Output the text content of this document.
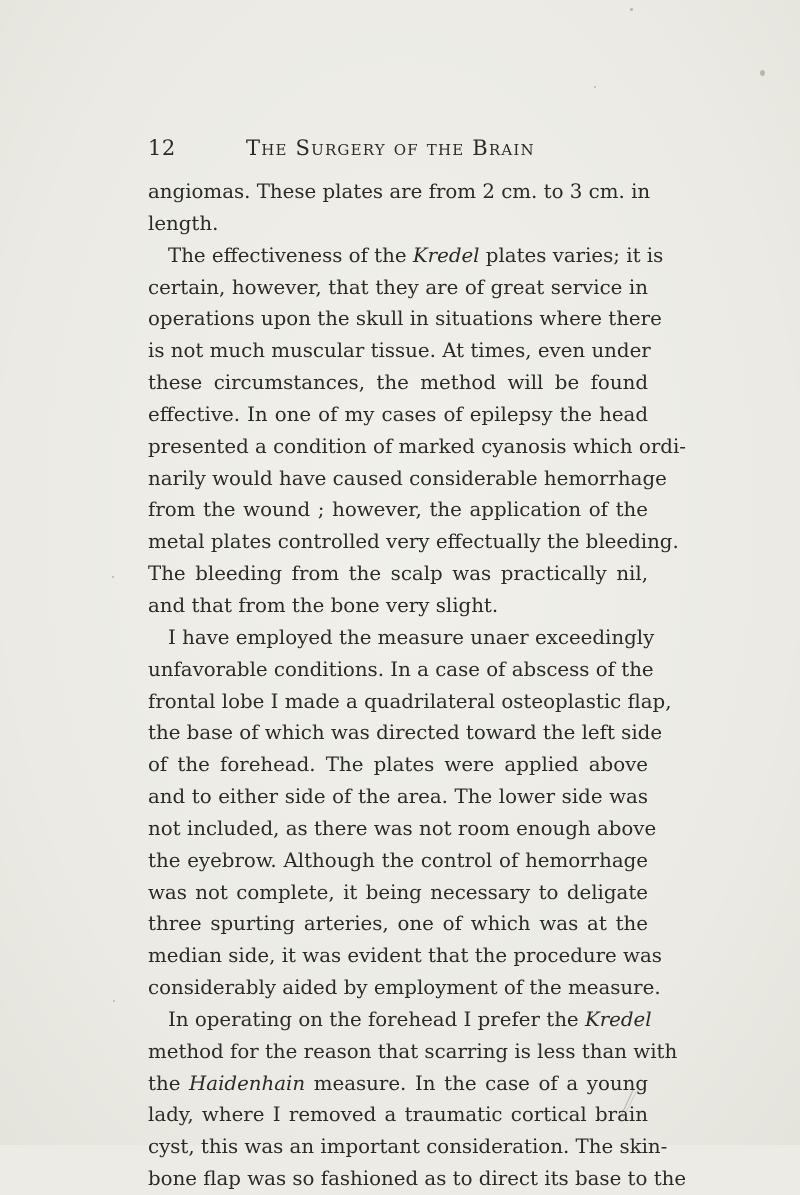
12	The Surgery of the Brain
angiomas. These plates are from 2 cm. to 3 cm. in
length.
The effectiveness of the Kredel plates varies; it is
certain, however, that they are of great service in
operations upon the skull in situations where there
is not much muscular tissue. At times, even under
these circumstances, the method will be found
effective. In one of my cases of epilepsy the head
presented a condition of marked cyanosis which ordi-
narily would have caused considerable hemorrhage
from the wound ; however, the application of the
metal plates controlled very effectually the bleeding.
The bleeding from the scalp was practically nil,
and that from the bone very slight.
I have employed the measure unaer exceedingly
unfavorable conditions. In a case of abscess of the
frontal lobe I made a quadrilateral osteoplastic flap,
the base of which was directed toward the left side
of the forehead. The plates were applied above
and to either side of the area. The lower side was
not included, as there was not room enough above
the eyebrow. Although the control of hemorrhage
was not complete, it being necessary to deligate
three spurting arteries, one of which was at the
median side, it was evident that the procedure was
considerably aided by employment of the measure.
In operating on the forehead I prefer the Kredel
method for the reason that scarring is less than with
the Haidenhain measure. In the case of a young
lady, where I removed a traumatic cortical brain
cyst, this was an important consideration. The skin-
bone flap was so fashioned as to direct its base to the
